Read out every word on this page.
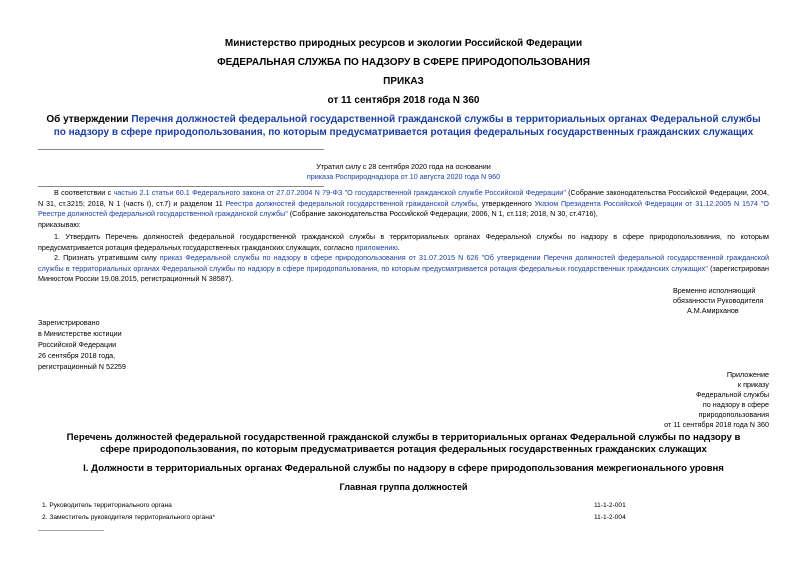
Министерство природных ресурсов и экологии Российской Федерации
ФЕДЕРАЛЬНАЯ СЛУЖБА ПО НАДЗОРУ В СФЕРЕ ПРИРОДОПОЛЬЗОВАНИЯ
ПРИКАЗ
от 11 сентября 2018 года N 360
Об утверждении Перечня должностей федеральной государственной гражданской службы в территориальных органах Федеральной службы по надзору в сфере природопользования, по которым предусматривается ротация федеральных государственных гражданских служащих
Утратил силу с 28 сентября 2020 года на основании
приказа Росприроднадзора от 10 августа 2020 года N 960
В соответствии с частью 2.1 статьи 60.1 Федерального закона от 27.07.2004 N 79-ФЗ "О государственной гражданской службе Российской Федерации" (Собрание законодательства Российской Федерации, 2004, N 31, ст.3215; 2018, N 1 (часть I), ст.7) и разделом 11 Реестра должностей федеральной государственной гражданской службы, утвержденного Указом Президента Российской Федерации от 31.12.2005 N 1574 "О Реестре должностей федеральной государственной гражданской службы" (Собрание законодательства Российской Федерации, 2006, N 1, ст.118; 2018, N 30, ст.4716),
приказываю:
1. Утвердить Перечень должностей федеральной государственной гражданской службы в территориальных органах Федеральной службы по надзору в сфере природопользования, по которым предусматривается ротация федеральных государственных гражданских служащих, согласно приложению.
2. Признать утратившим силу приказ Федеральной службы по надзору в сфере природопользования от 31.07.2015 N 626 "Об утверждении Перечня должностей федеральной государственной гражданской службы в территориальных органах Федеральной службы по надзору в сфере природопользования, по которым предусматривается ротация федеральных государственных гражданских служащих" (зарегистрирован Минюстом России 19.08.2015, регистрационный N 38587).
Временно исполняющий
обязанности Руководителя
А.М.Амирханов
Зарегистрировано
в Министерстве юстиции
Российской Федерации
26 сентября 2018 года,
регистрационный N 52259
Приложение
к приказу
Федеральной службы
по надзору в сфере
природопользования
от 11 сентября 2018 года N 360
Перечень должностей федеральной государственной гражданской службы в территориальных органах Федеральной службы по надзору в сфере природопользования, по которым предусматривается ротация федеральных государственных гражданских служащих
I. Должности в территориальных органах Федеральной службы по надзору в сфере природопользования межрегионального уровня
Главная группа должностей
1. Руководитель территориального органа	11-1-2-001
2. Заместитель руководителя территориального органа*	11-1-2-004
